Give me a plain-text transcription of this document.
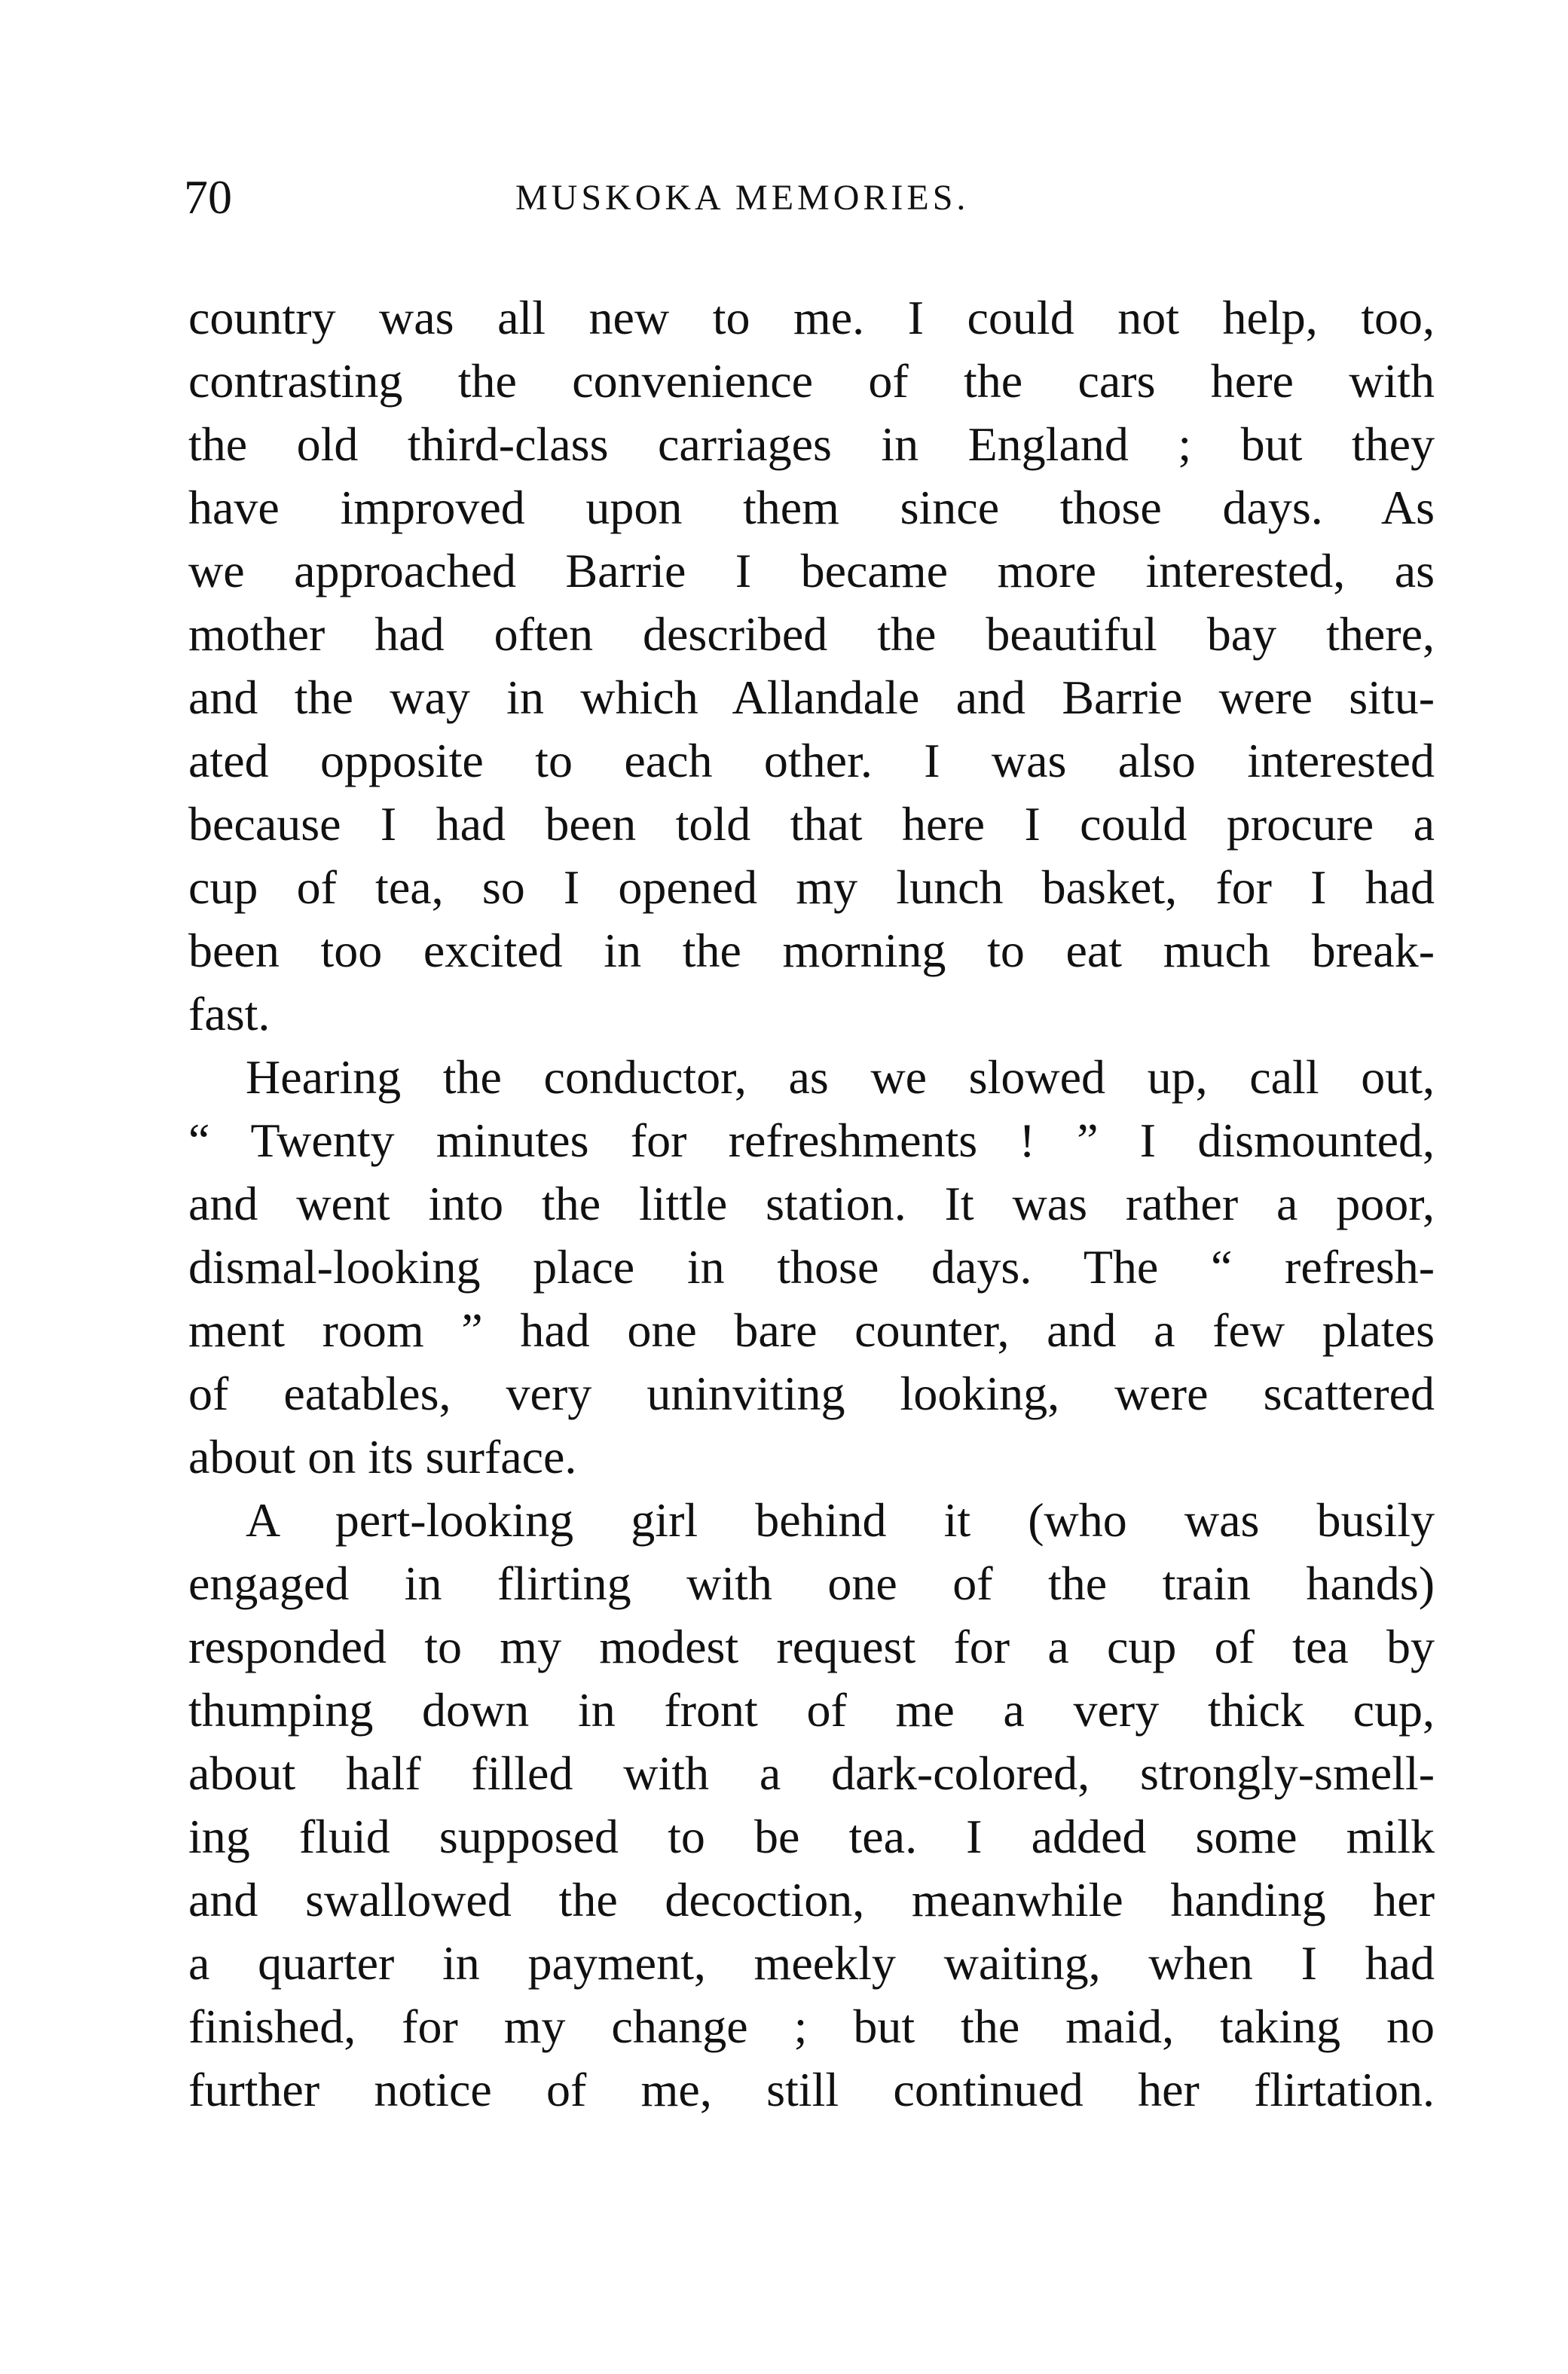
70	MUSKOKA MEMORIES.
country was all new to me. I could not help, too,
contrasting the convenience of the cars here with
the old third-class carriages in England ; but they
have improved upon them since those days. As
we approached Barrie I became more interested, as
mother had often described the beautiful bay there,
and the way in which Allandale and Barrie were situ-
ated opposite to each other. I was also interested
because I had been told that here I could procure a
cup of tea, so I opened my lunch basket, for I had
been too excited in the morning to eat much break-
fast.
Hearing the conductor, as we slowed up, call out,
“ Twenty minutes for refreshments ! ” I dismounted,
and went into the little station. It was rather a poor,
dismal-looking place in those days. The “ refresh-
ment room ” had one bare counter, and a few plates
of eatables, very uninviting looking, were scattered
about on its surface.
A pert-looking girl behind it (who was busily
engaged in flirting with one of the train hands)
responded to my modest request for a cup of tea by
thumping down in front of me a very thick cup,
about half filled with a dark-colored, strongly-smell-
ing fluid supposed to be tea. I added some milk
and swallowed the decoction, meanwhile handing her
a quarter in payment, meekly waiting, when I had
finished, for my change ; but the maid, taking no
further notice of me, still continued her flirtation.
